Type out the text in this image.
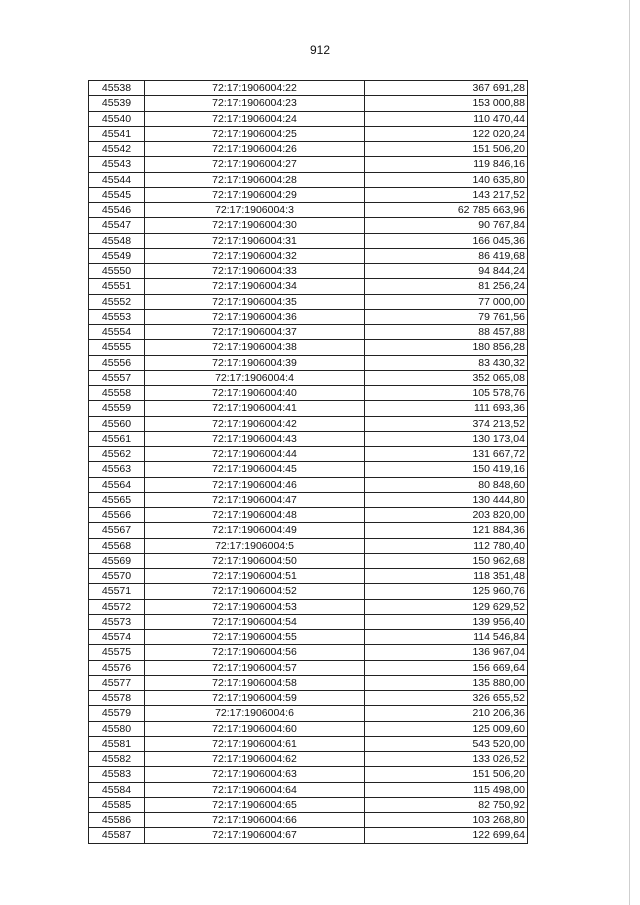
912
45538	72:17:1906004:22	367 691,28
45539	72:17:1906004:23	153 000,88
45540	72:17:1906004:24	110 470,44
45541	72:17:1906004:25	122 020,24
45542	72:17:1906004:26	151 506,20
45543	72:17:1906004:27	119 846,16
45544	72:17:1906004:28	140 635,80
45545	72:17:1906004:29	143 217,52
45546	72:17:1906004:3	62 785 663,96
45547	72:17:1906004:30	90 767,84
45548	72:17:1906004:31	166 045,36
45549	72:17:1906004:32	86 419,68
45550	72:17:1906004:33	94 844,24
45551	72:17:1906004:34	81 256,24
45552	72:17:1906004:35	77 000,00
45553	72:17:1906004:36	79 761,56
45554	72:17:1906004:37	88 457,88
45555	72:17:1906004:38	180 856,28
45556	72:17:1906004:39	83 430,32
45557	72:17:1906004:4	352 065,08
45558	72:17:1906004:40	105 578,76
45559	72:17:1906004:41	111 693,36
45560	72:17:1906004:42	374 213,52
45561	72:17:1906004:43	130 173,04
45562	72:17:1906004:44	131 667,72
45563	72:17:1906004:45	150 419,16
45564	72:17:1906004:46	80 848,60
45565	72:17:1906004:47	130 444,80
45566	72:17:1906004:48	203 820,00
45567	72:17:1906004:49	121 884,36
45568	72:17:1906004:5	112 780,40
45569	72:17:1906004:50	150 962,68
45570	72:17:1906004:51	118 351,48
45571	72:17:1906004:52	125 960,76
45572	72:17:1906004:53	129 629,52
45573	72:17:1906004:54	139 956,40
45574	72:17:1906004:55	114 546,84
45575	72:17:1906004:56	136 967,04
45576	72:17:1906004:57	156 669,64
45577	72:17:1906004:58	135 880,00
45578	72:17:1906004:59	326 655,52
45579	72:17:1906004:6	210 206,36
45580	72:17:1906004:60	125 009,60
45581	72:17:1906004:61	543 520,00
45582	72:17:1906004:62	133 026,52
45583	72:17:1906004:63	151 506,20
45584	72:17:1906004:64	115 498,00
45585	72:17:1906004:65	82 750,92
45586	72:17:1906004:66	103 268,80
45587	72:17:1906004:67	122 699,64
